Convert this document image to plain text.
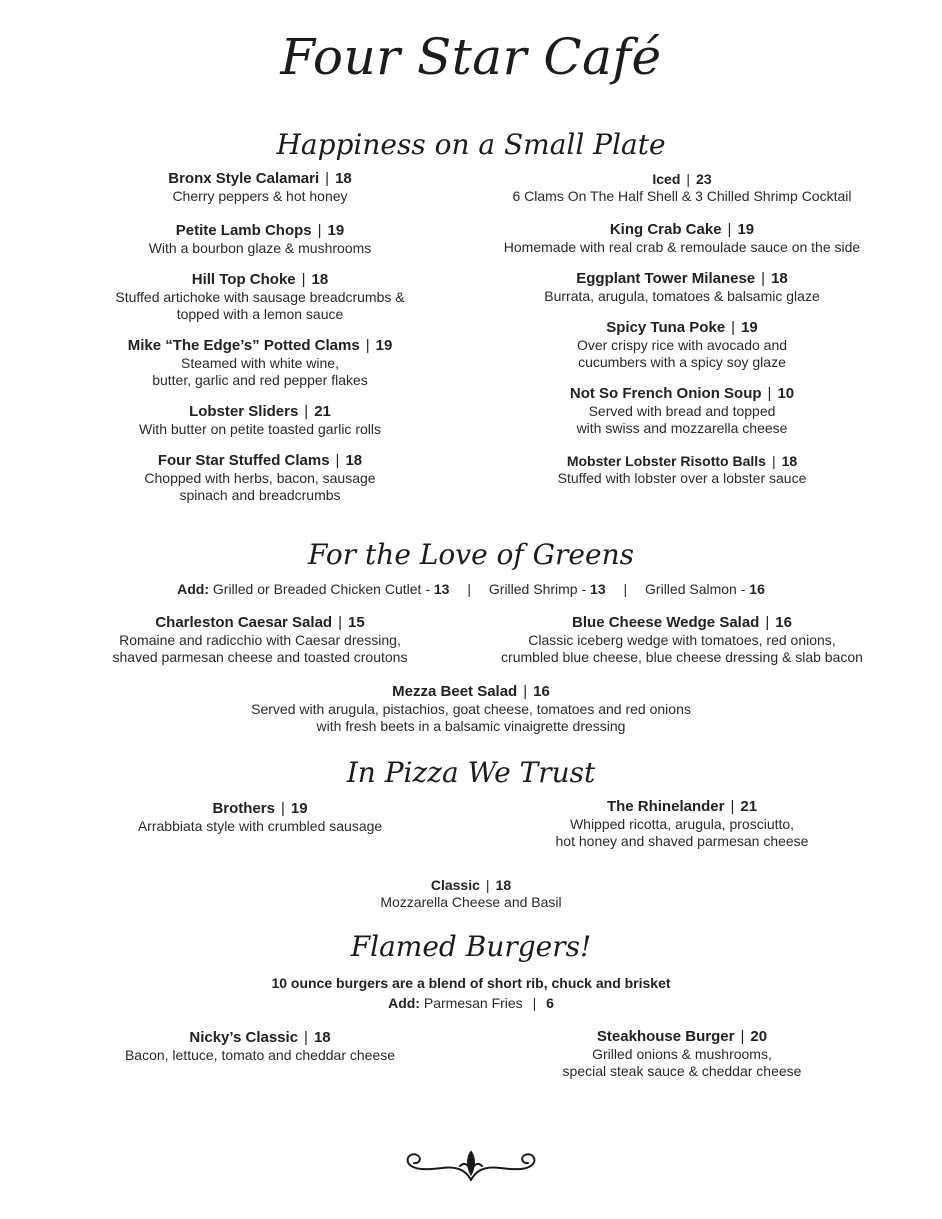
Four Star Café
Happiness on a Small Plate
Bronx Style Calamari | 18
Cherry peppers & hot honey
Petite Lamb Chops | 19
With a bourbon glaze & mushrooms
Hill Top Choke | 18
Stuffed artichoke with sausage breadcrumbs &
topped with a lemon sauce
Mike “The Edge’s” Potted Clams | 19
Steamed with white wine,
butter, garlic and red pepper flakes
Lobster Sliders | 21
With butter on petite toasted garlic rolls
Four Star Stuffed Clams | 18
Chopped with herbs, bacon, sausage
spinach and breadcrumbs
Iced | 23
6 Clams On The Half Shell & 3 Chilled Shrimp Cocktail
King Crab Cake | 19
Homemade with real crab & remoulade sauce on the side
Eggplant Tower Milanese | 18
Burrata, arugula, tomatoes & balsamic glaze
Spicy Tuna Poke | 19
Over crispy rice with avocado and
cucumbers with a spicy soy glaze
Not So French Onion Soup | 10
Served with bread and topped
with swiss and mozzarella cheese
Mobster Lobster Risotto Balls | 18
Stuffed with lobster over a lobster sauce
For the Love of Greens
Add: Grilled or Breaded Chicken Cutlet - 13 | Grilled Shrimp - 13 | Grilled Salmon - 16
Charleston Caesar Salad | 15
Romaine and radicchio with Caesar dressing,
shaved parmesan cheese and toasted croutons
Blue Cheese Wedge Salad | 16
Classic iceberg wedge with tomatoes, red onions,
crumbled blue cheese, blue cheese dressing & slab bacon
Mezza Beet Salad | 16
Served with arugula, pistachios, goat cheese, tomatoes and red onions
with fresh beets in a balsamic vinaigrette dressing
In Pizza We Trust
Brothers | 19
Arrabbiata style with crumbled sausage
The Rhinelander | 21
Whipped ricotta, arugula, prosciutto,
hot honey and shaved parmesan cheese
Classic | 18
Mozzarella Cheese and Basil
Flamed Burgers!
10 ounce burgers are a blend of short rib, chuck and brisket
Add: Parmesan Fries | 6
Nicky’s Classic | 18
Bacon, lettuce, tomato and cheddar cheese
Steakhouse Burger | 20
Grilled onions & mushrooms,
special steak sauce & cheddar cheese
